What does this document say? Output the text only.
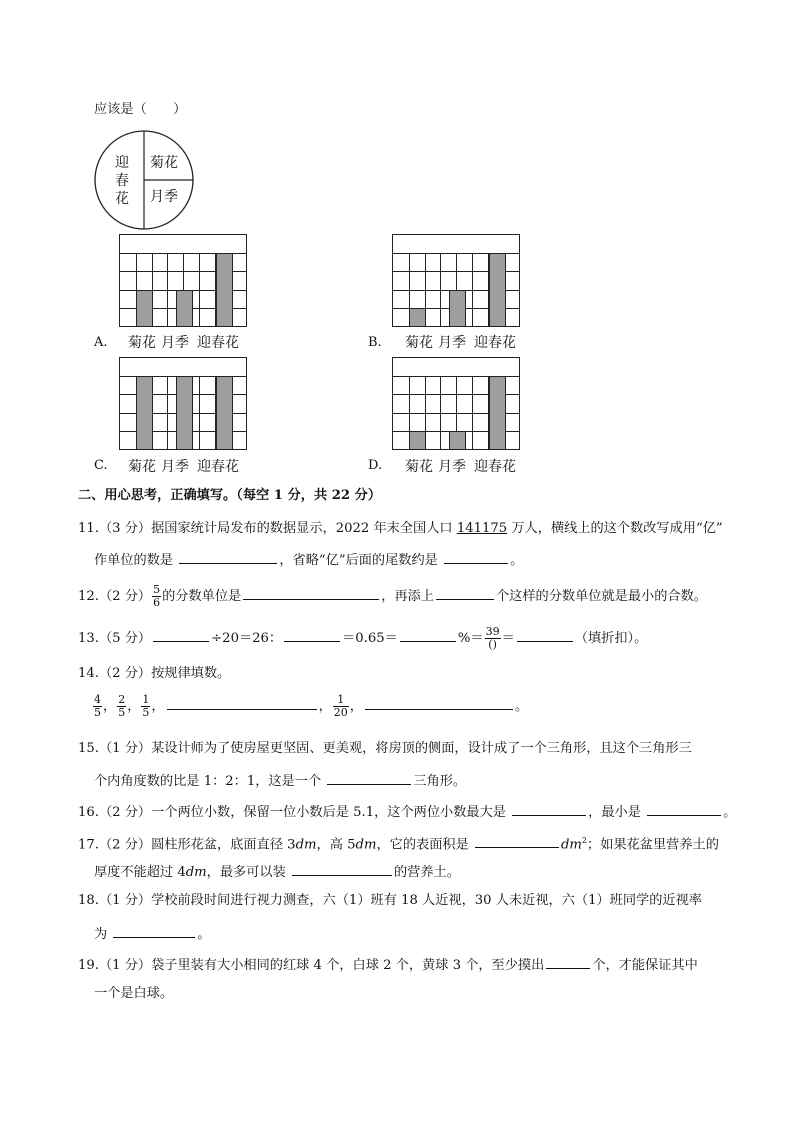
应该是（　　）
迎春花
菊花
月季
A. 菊花 月季 迎春花	B. 菊花 月季 迎春花
C. 菊花 月季 迎春花	D. 菊花 月季 迎春花
二、用心思考，正确填写。（每空 1 分，共 22 分）
11.（3 分）据国家统计局发布的数据显示，2022 年末全国人口 141175 万人，横线上的这个数改写成用“亿”
作单位的数是	，省略“亿”后面的尾数约是	。
12.（2 分） $\frac{5}{6}$ 的分数单位是	，再添上	个这样的分数单位就是最小的合数。
13.（5 分）	÷20＝26：	＝0.65＝	%＝ $\frac{39}{()}$ ＝	（填折扣）。
14.（2 分）按规律填数。
$\frac{4}{5}$ ， $\frac{2}{5}$ ， $\frac{1}{5}$ ，	， $\frac{1}{20}$ ，	。
15.（1 分）某设计师为了使房屋更坚固、更美观，将房顶的侧面，设计成了一个三角形，且这个三角形三
个内角度数的比是 1：2：1，这是一个	三角形。
16.（2 分）一个两位小数，保留一位小数后是 5.1，这个两位小数最大是	，最小是	。
17.（2 分）圆柱形花盆，底面直径 3dm，高 5dm，它的表面积是	$dm^2$；如果花盆里营养土的
厚度不能超过 4dm，最多可以装	的营养土。
18.（1 分）学校前段时间进行视力测查，六（1）班有 18 人近视，30 人未近视，六（1）班同学的近视率
为	。
19.（1 分）袋子里装有大小相同的红球 4 个，白球 2 个，黄球 3 个，至少摸出	个，才能保证其中
一个是白球。
